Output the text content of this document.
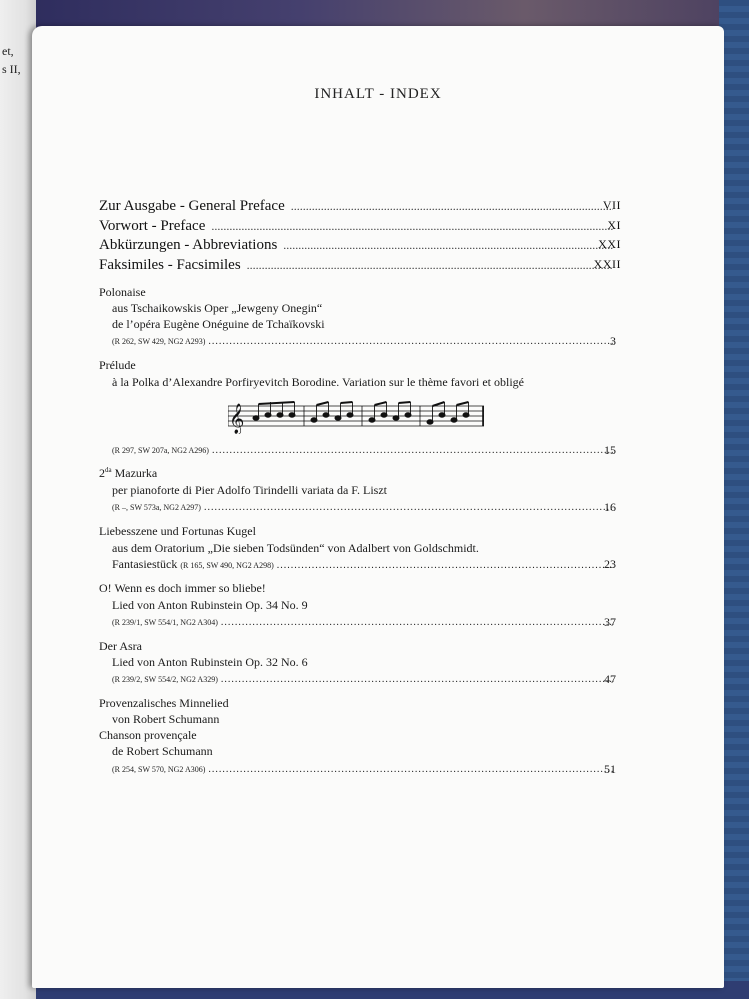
et,
s II,
INHALT - INDEX
Zur Ausgabe - General Preface .....	VII
Vorwort - Preface .....	XI
Abkürzungen - Abbreviations .....	XXI
Faksimiles - Facsimiles .....	XXII
Polonaise
aus Tschaikowskis Oper „Jewgeny Onegin“
de l’opéra Eugène Onéguine de Tchaïkovski
(R 262, SW 429, NG2 A293) .....	3
Prélude
à la Polka d’Alexandre Porfiryevitch Borodine. Variation sur le thème favori et obligé
𝄞
(R 297, SW 207a, NG2 A296) .....	15
$2^{da}$ Mazurka
per pianoforte di Pier Adolfo Tirindelli variata da F. Liszt
(R –, SW 573a, NG2 A297) .....	16
Liebesszene und Fortunas Kugel
aus dem Oratorium „Die sieben Todsünden“ von Adalbert von Goldschmidt.
Fantasiestück (R 165, SW 490, NG2 A298) .....	23
O! Wenn es doch immer so bliebe!
Lied von Anton Rubinstein Op. 34 No. 9
(R 239/1, SW 554/1, NG2 A304) .....	37
Der Asra
Lied von Anton Rubinstein Op. 32 No. 6
(R 239/2, SW 554/2, NG2 A329) .....	47
Provenzalisches Minnelied
von Robert Schumann
Chanson provençale
de Robert Schumann
(R 254, SW 570, NG2 A306) .....	51
